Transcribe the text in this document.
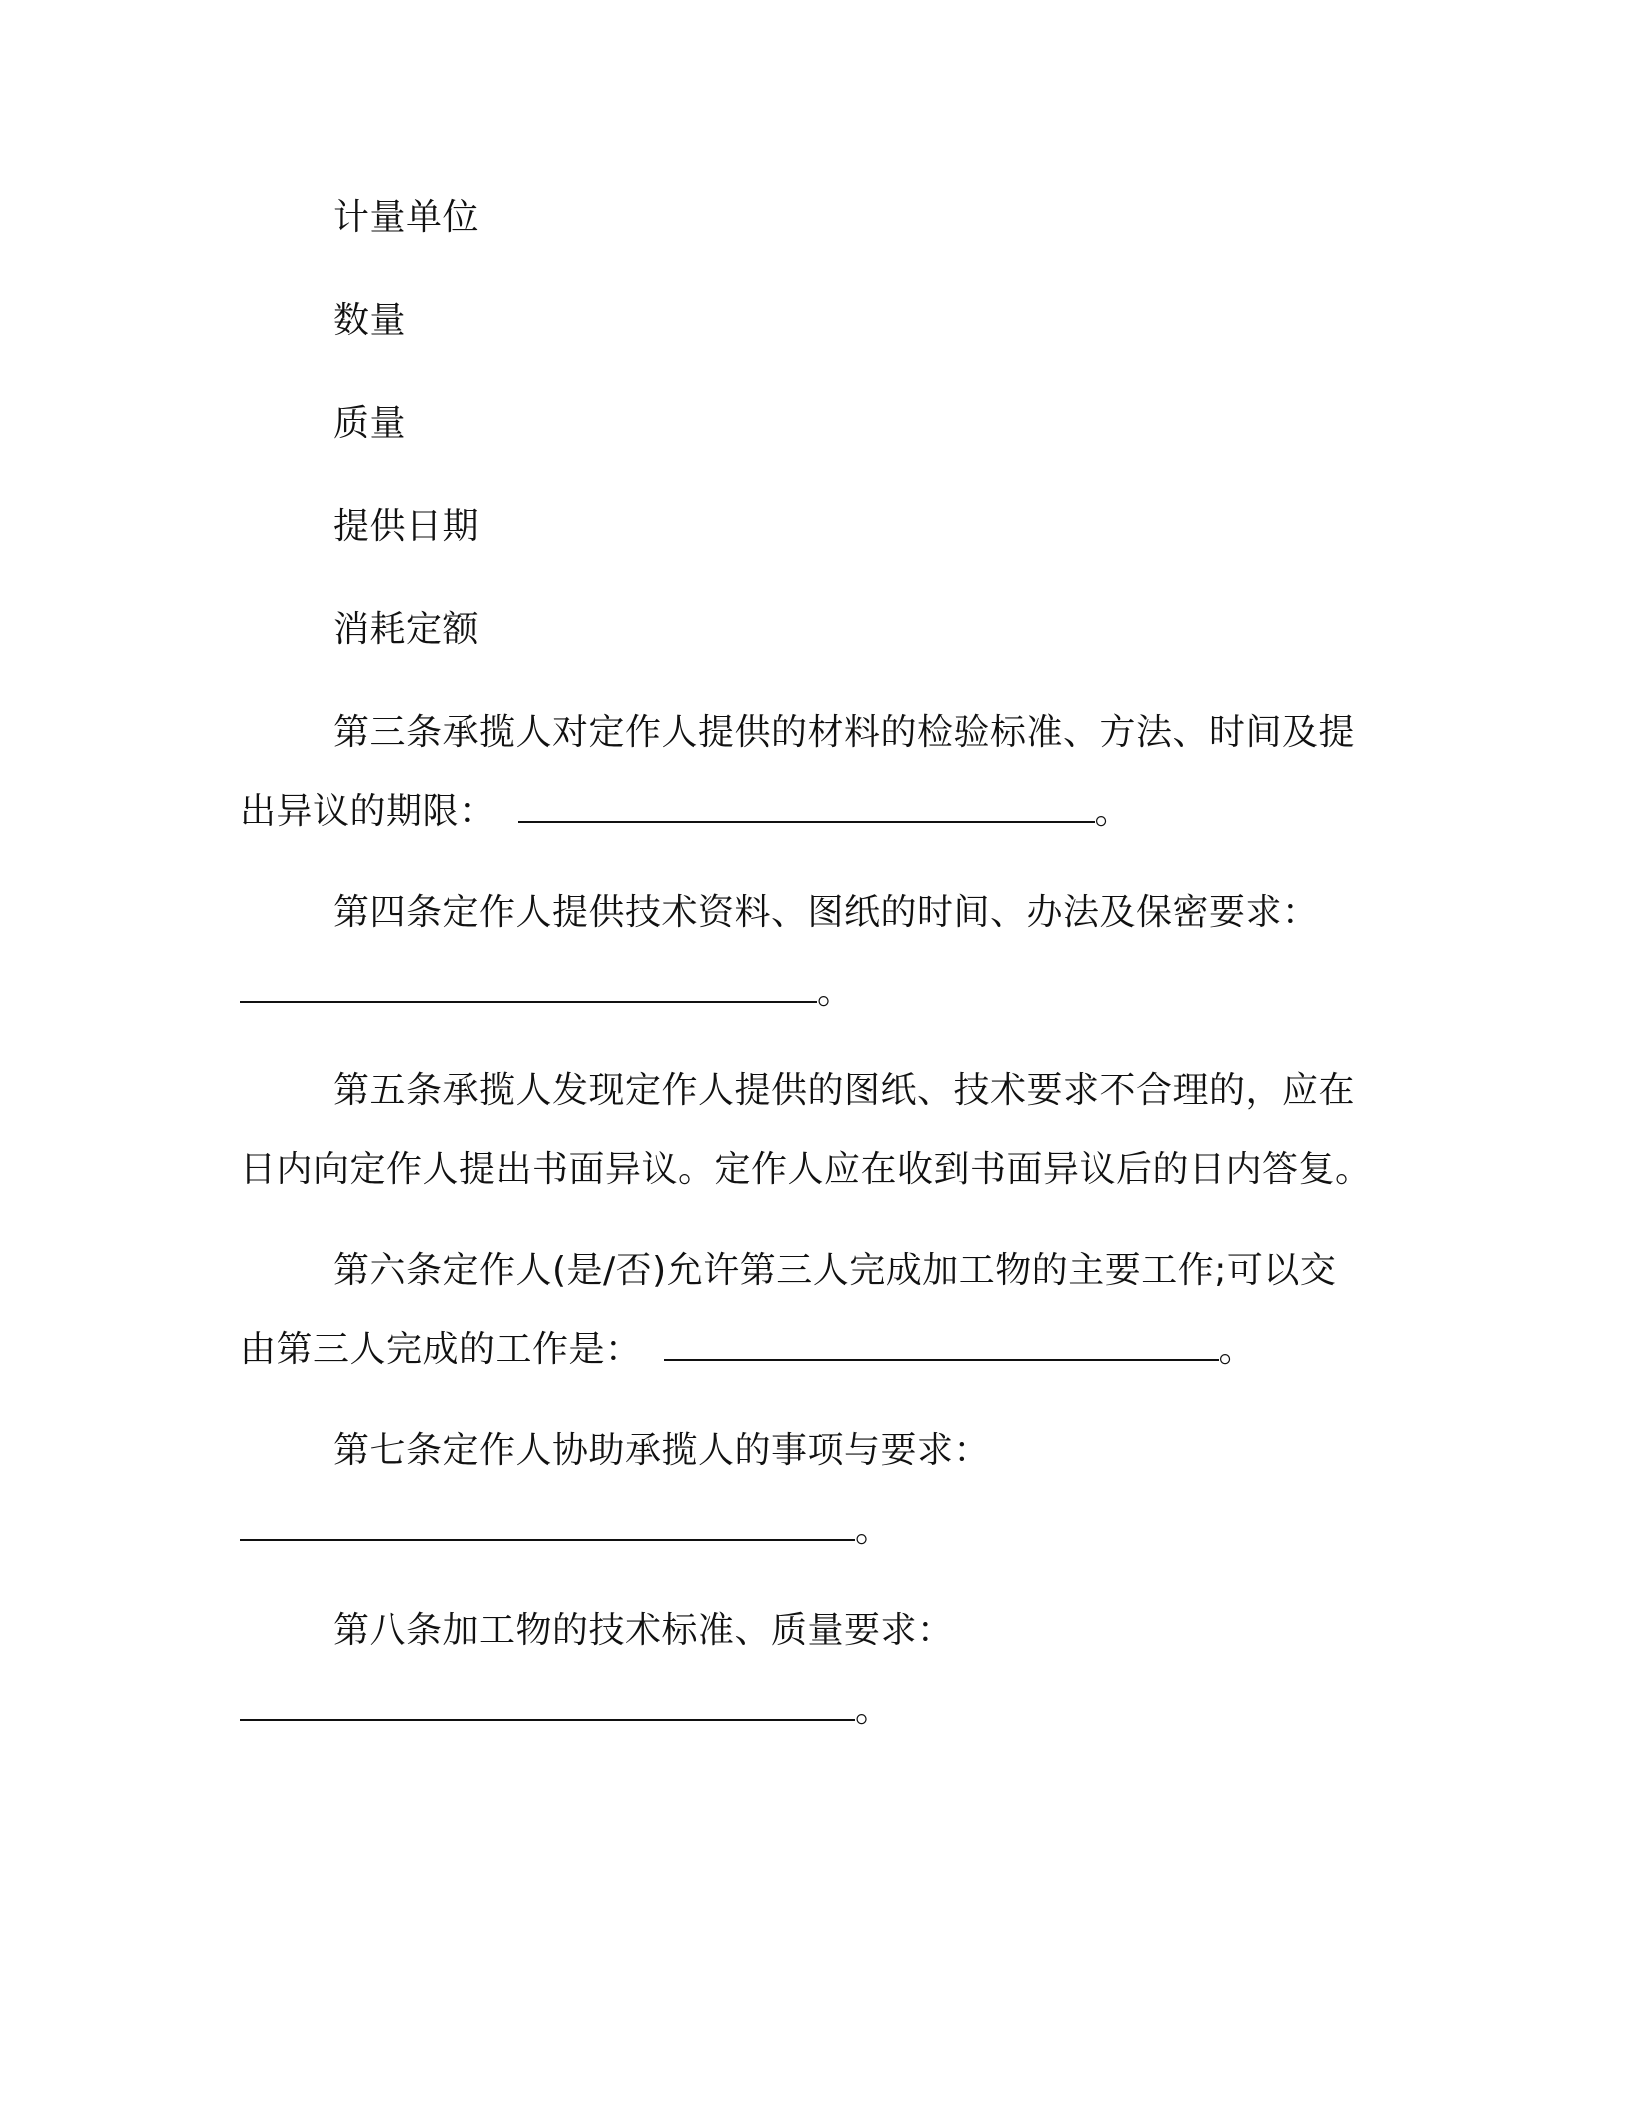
计量单位
数量
质量
提供日期
消耗定额
第三条承揽人对定作人提供的材料的检验标准、方法、时间及提
出异议的期限：	。
第四条定作人提供技术资料、图纸的时间、办法及保密要求：
。
第五条承揽人发现定作人提供的图纸、技术要求不合理的，应在
日内向定作人提出书面异议。定作人应在收到书面异议后的日内答复。
第六条定作人(是/否)允许第三人完成加工物的主要工作;可以交
由第三人完成的工作是：	。
第七条定作人协助承揽人的事项与要求：
。
第八条加工物的技术标准、质量要求：
。
